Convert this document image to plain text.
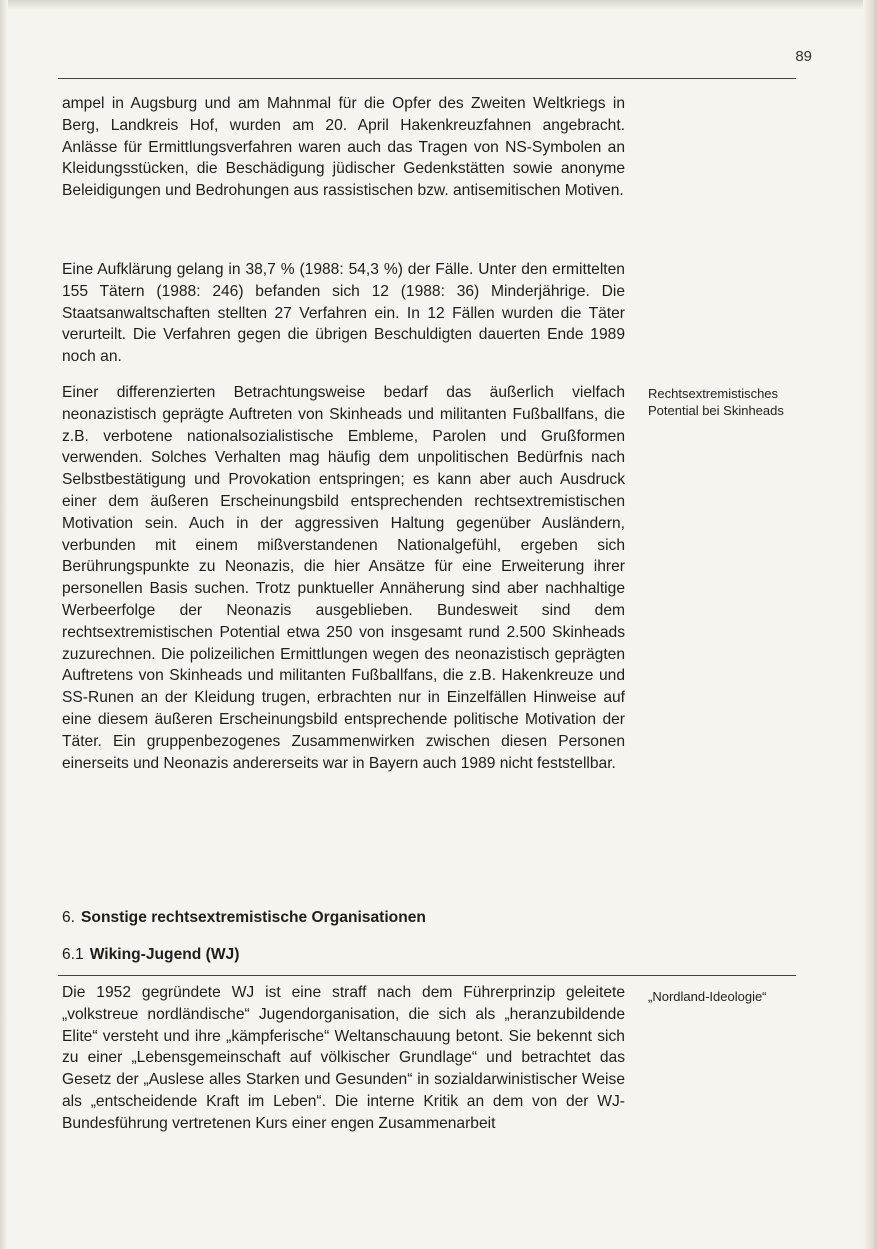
89

ampel in Augsburg und am Mahnmal für die Opfer des Zweiten Weltkriegs in Berg, Landkreis Hof, wurden am 20. April Hakenkreuzfahnen angebracht. Anlässe für Ermittlungsverfahren waren auch das Tragen von NS-Symbolen an Kleidungsstücken, die Beschädigung jüdischer Gedenkstätten sowie anonyme Beleidigungen und Bedrohungen aus rassistischen bzw. antisemitischen Motiven.

Eine Aufklärung gelang in 38,7 % (1988: 54,3 %) der Fälle. Unter den ermittelten 155 Tätern (1988: 246) befanden sich 12 (1988: 36) Minderjährige. Die Staatsanwaltschaften stellten 27 Verfahren ein. In 12 Fällen wurden die Täter verurteilt. Die Verfahren gegen die übrigen Beschuldigten dauerten Ende 1989 noch an.

Einer differenzierten Betrachtungsweise bedarf das äußerlich vielfach neonazistisch geprägte Auftreten von Skinheads und militanten Fußballfans, die z.B. verbotene nationalsozialistische Embleme, Parolen und Grußformen verwenden. Solches Verhalten mag häufig dem unpolitischen Bedürfnis nach Selbstbestätigung und Provokation entspringen; es kann aber auch Ausdruck einer dem äußeren Erscheinungsbild entsprechenden rechtsextremistischen Motivation sein. Auch in der aggressiven Haltung gegenüber Ausländern, verbunden mit einem mißverstandenen Nationalgefühl, ergeben sich Berührungspunkte zu Neonazis, die hier Ansätze für eine Erweiterung ihrer personellen Basis suchen. Trotz punktueller Annäherung sind aber nachhaltige Werbeerfolge der Neonazis ausgeblieben. Bundesweit sind dem rechtsextremistischen Potential etwa 250 von insgesamt rund 2.500 Skinheads zuzurechnen. Die polizeilichen Ermittlungen wegen des neonazistisch geprägten Auftretens von Skinheads und militanten Fußballfans, die z.B. Hakenkreuze und SS-Runen an der Kleidung trugen, erbrachten nur in Einzelfällen Hinweise auf eine diesem äußeren Erscheinungsbild entsprechende politische Motivation der Täter. Ein gruppenbezogenes Zusammenwirken zwischen diesen Personen einerseits und Neonazis andererseits war in Bayern auch 1989 nicht feststellbar.

Rechtsextremistisches Potential bei Skinheads
6. Sonstige rechtsextremistische Organisationen
6.1 Wiking-Jugend (WJ)

Die 1952 gegründete WJ ist eine straff nach dem Führerprinzip geleitete „volkstreue nordländische“ Jugendorganisation, die sich als „heranzubildende Elite“ versteht und ihre „kämpferische“ Weltanschauung betont. Sie bekennt sich zu einer „Lebensgemeinschaft auf völkischer Grundlage“ und betrachtet das Gesetz der „Auslese alles Starken und Gesunden“ in sozialdarwinistischer Weise als „entscheidende Kraft im Leben“. Die interne Kritik an dem von der WJ-Bundesführung vertretenen Kurs einer engen Zusammenarbeit

„Nordland-Ideologie“
